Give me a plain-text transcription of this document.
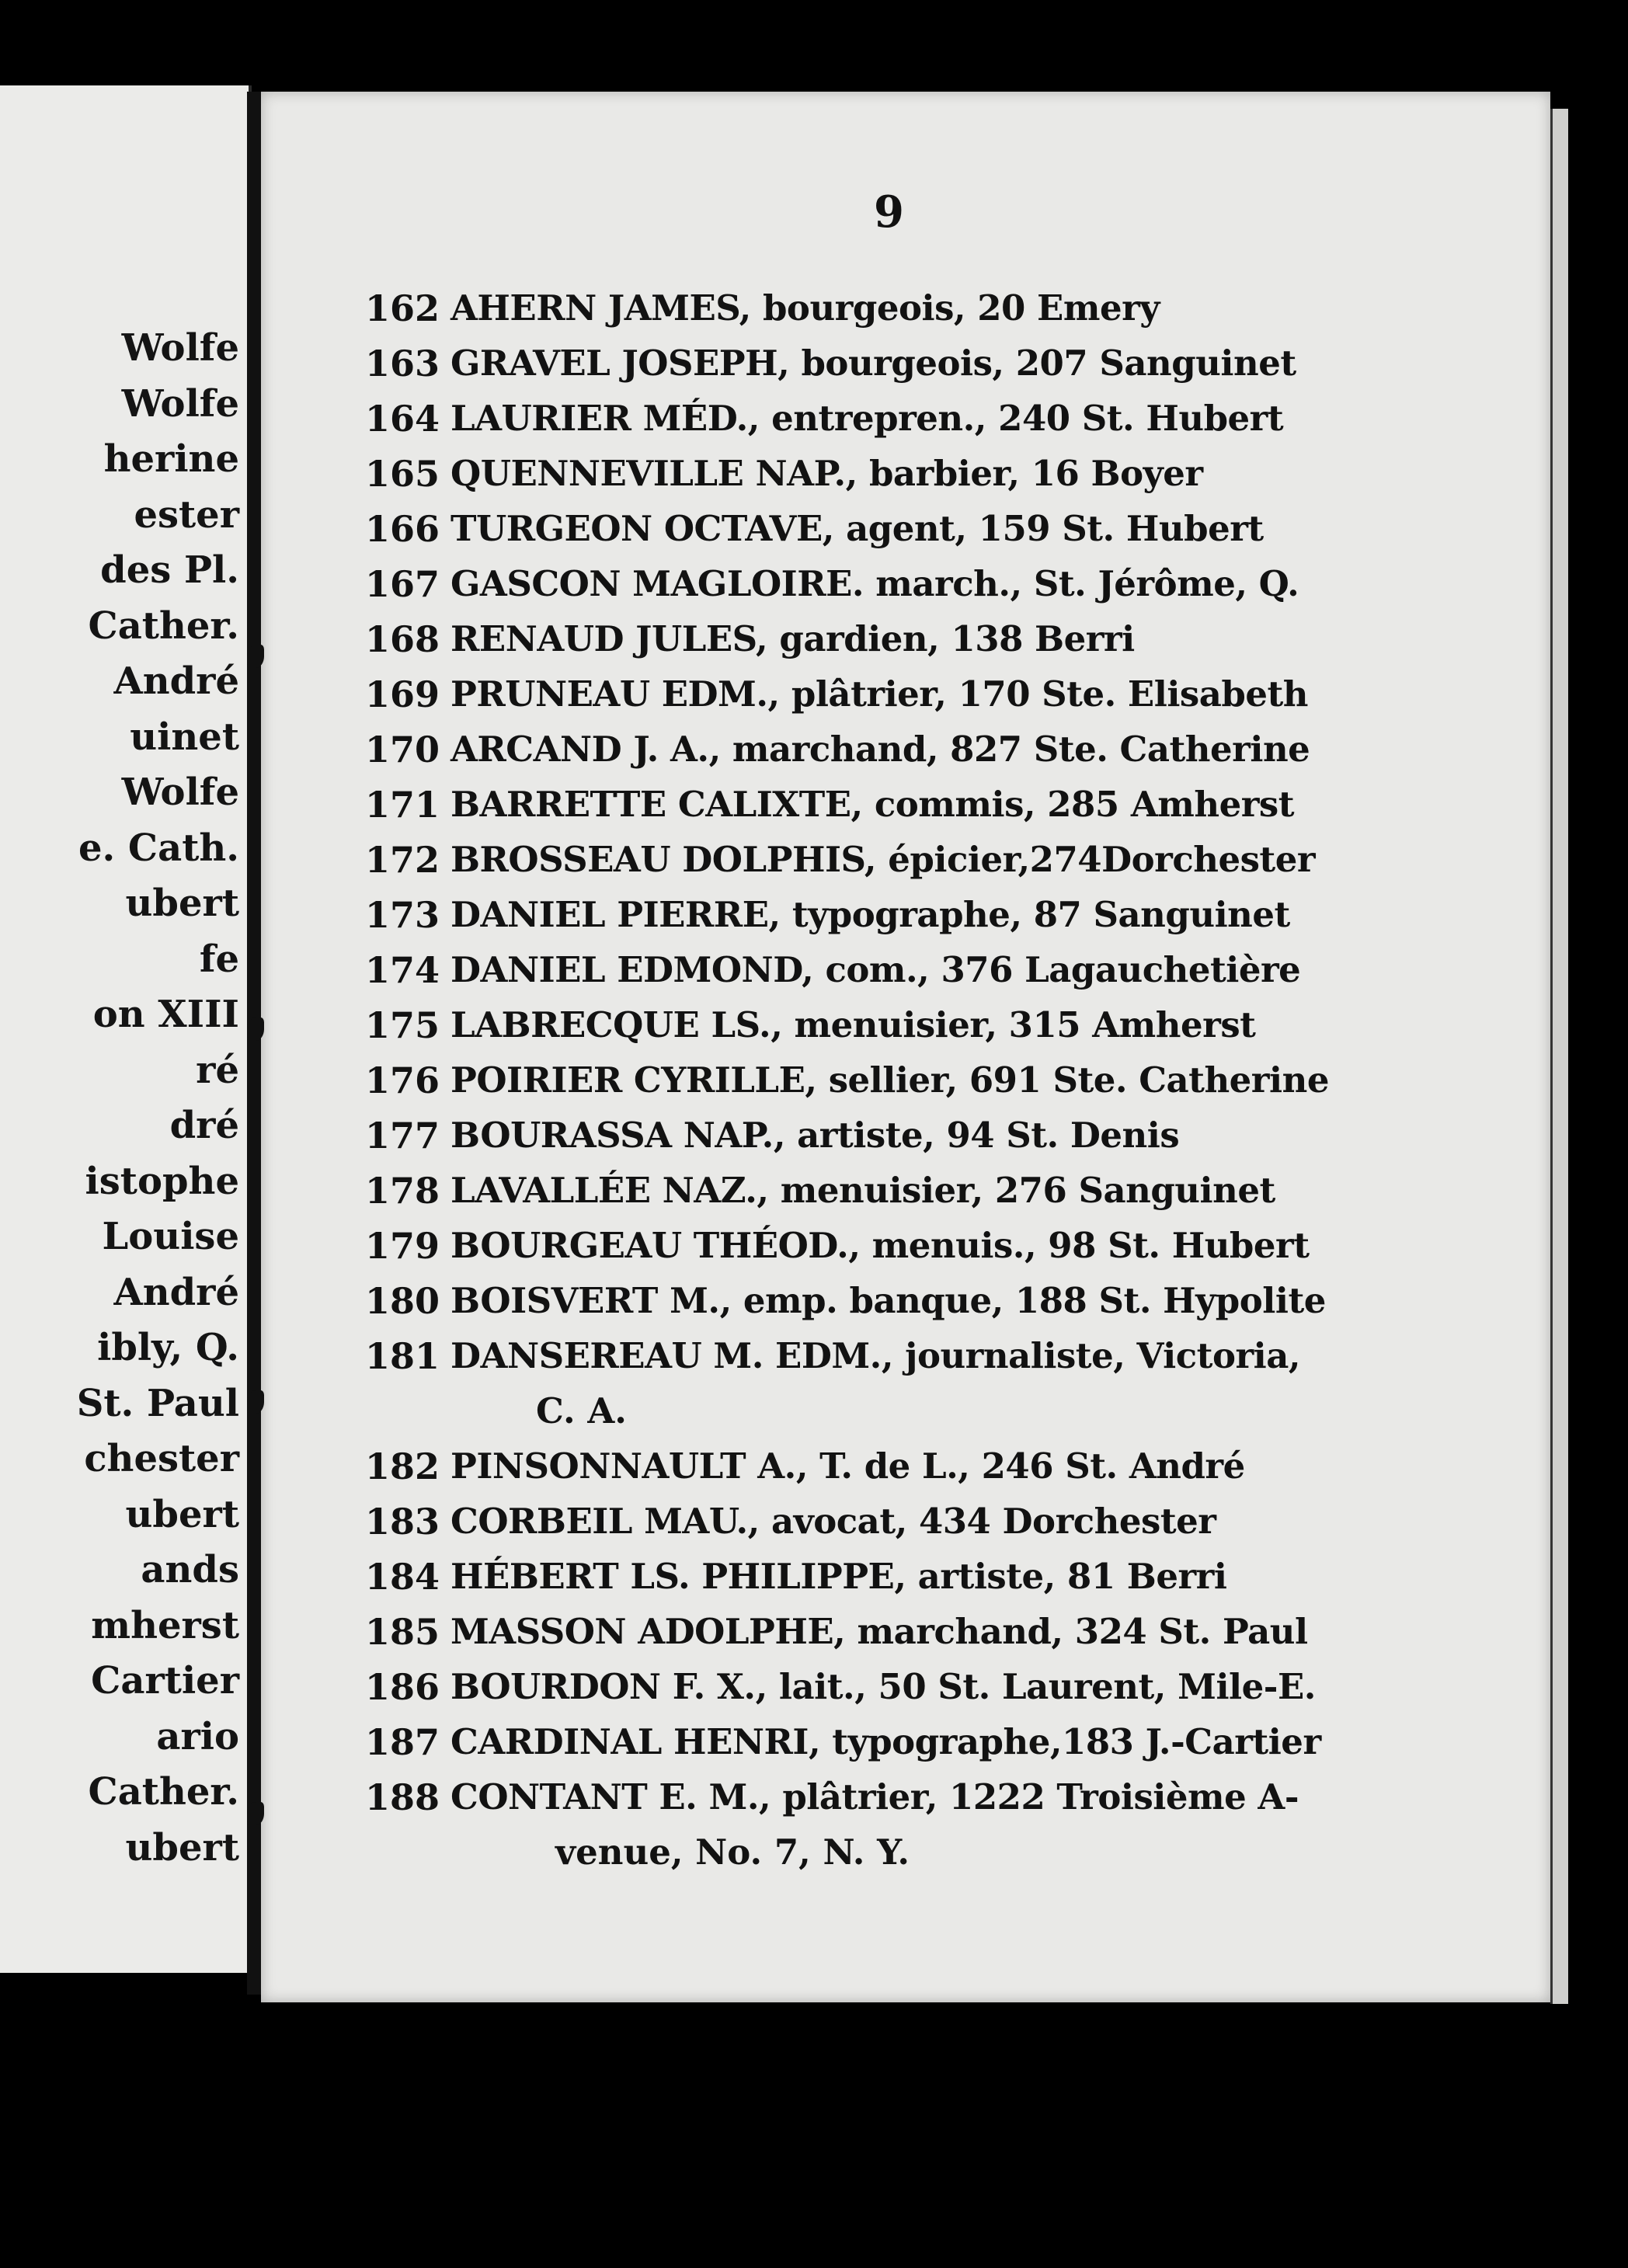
Wolfe
Wolfe
herine
ester
des Pl.
Cather.
André
uinet
Wolfe
e. Cath.
ubert
fe
on XIII
ré
dré
istophe
Louise
André
ibly, Q.
St. Paul
chester
ubert
ands
mherst
Cartier
ario
Cather.
ubert
9
162 AHERN JAMES, bourgeois, 20 Emery
163 GRAVEL JOSEPH, bourgeois, 207 Sanguinet
164 LAURIER MÉD., entrepren., 240 St. Hubert
165 QUENNEVILLE NAP., barbier, 16 Boyer
166 TURGEON OCTAVE, agent, 159 St. Hubert
167 GASCON MAGLOIRE. march., St. Jérôme, Q.
168 RENAUD JULES, gardien, 138 Berri
169 PRUNEAU EDM., plâtrier, 170 Ste. Elisabeth
170 ARCAND J. A., marchand, 827 Ste. Catherine
171 BARRETTE CALIXTE, commis, 285 Amherst
172 BROSSEAU DOLPHIS, épicier,274Dorchester
173 DANIEL PIERRE, typographe, 87 Sanguinet
174 DANIEL EDMOND, com., 376 Lagauchetière
175 LABRECQUE LS., menuisier, 315 Amherst
176 POIRIER CYRILLE, sellier, 691 Ste. Catherine
177 BOURASSA NAP., artiste, 94 St. Denis
178 LAVALLÉE NAZ., menuisier, 276 Sanguinet
179 BOURGEAU THÉOD., menuis., 98 St. Hubert
180 BOISVERT M., emp. banque, 188 St. Hypolite
181 DANSEREAU M. EDM., journaliste, Victoria,
C. A.
182 PINSONNAULT A., T. de L., 246 St. André
183 CORBEIL MAU., avocat, 434 Dorchester
184 HÉBERT LS. PHILIPPE, artiste, 81 Berri
185 MASSON ADOLPHE, marchand, 324 St. Paul
186 BOURDON F. X., lait., 50 St. Laurent, Mile-E.
187 CARDINAL HENRI, typographe,183 J.-Cartier
188 CONTANT E. M., plâtrier, 1222 Troisième A-
venue, No. 7, N. Y.
